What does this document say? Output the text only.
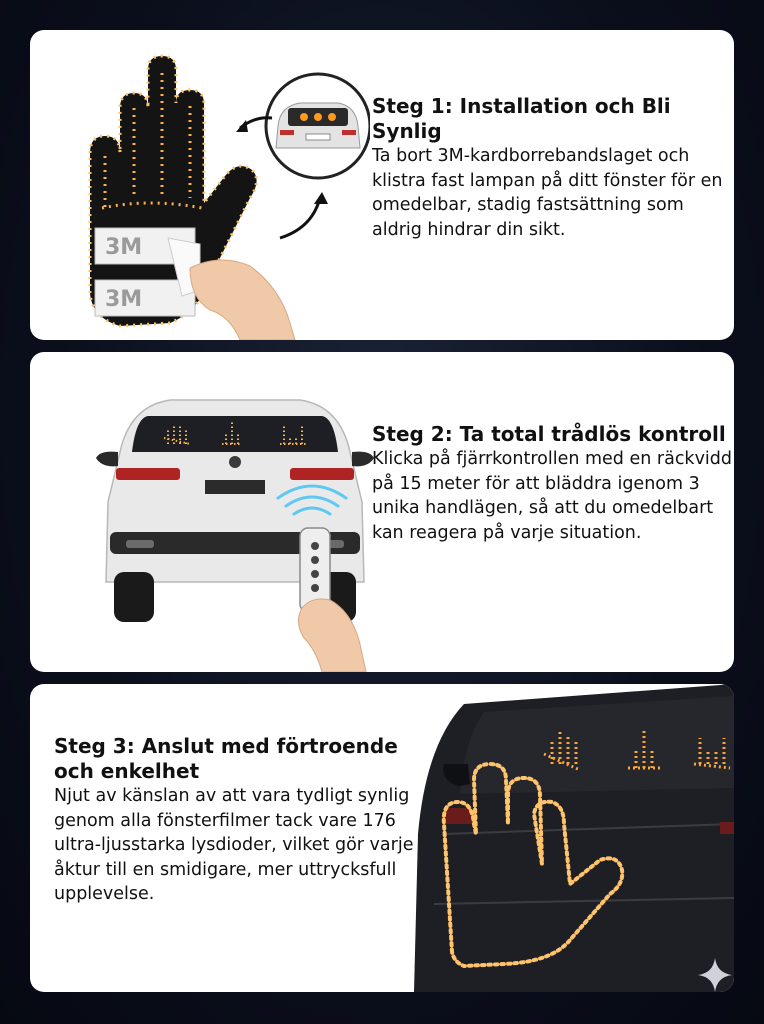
3M
3M
Steg 1: Installation och Bli Synlig
Ta bort 3M-kardborrebandslaget och klistra fast lampan på ditt fönster för en omedelbar, stadig fastsättning som aldrig hindrar din sikt.
Steg 2: Ta total trådlös kontroll
Klicka på fjärrkontrollen med en räckvidd på 15 meter för att bläddra igenom 3 unika handlägen, så att du omedelbart kan reagera på varje situation.
Steg 3: Anslut med förtroende och enkelhet
Njut av känslan av att vara tydligt synlig genom alla fönsterfilmer tack vare 176 ultra-ljusstarka lysdioder, vilket gör varje åktur till en smidigare, mer uttrycksfull upplevelse.
